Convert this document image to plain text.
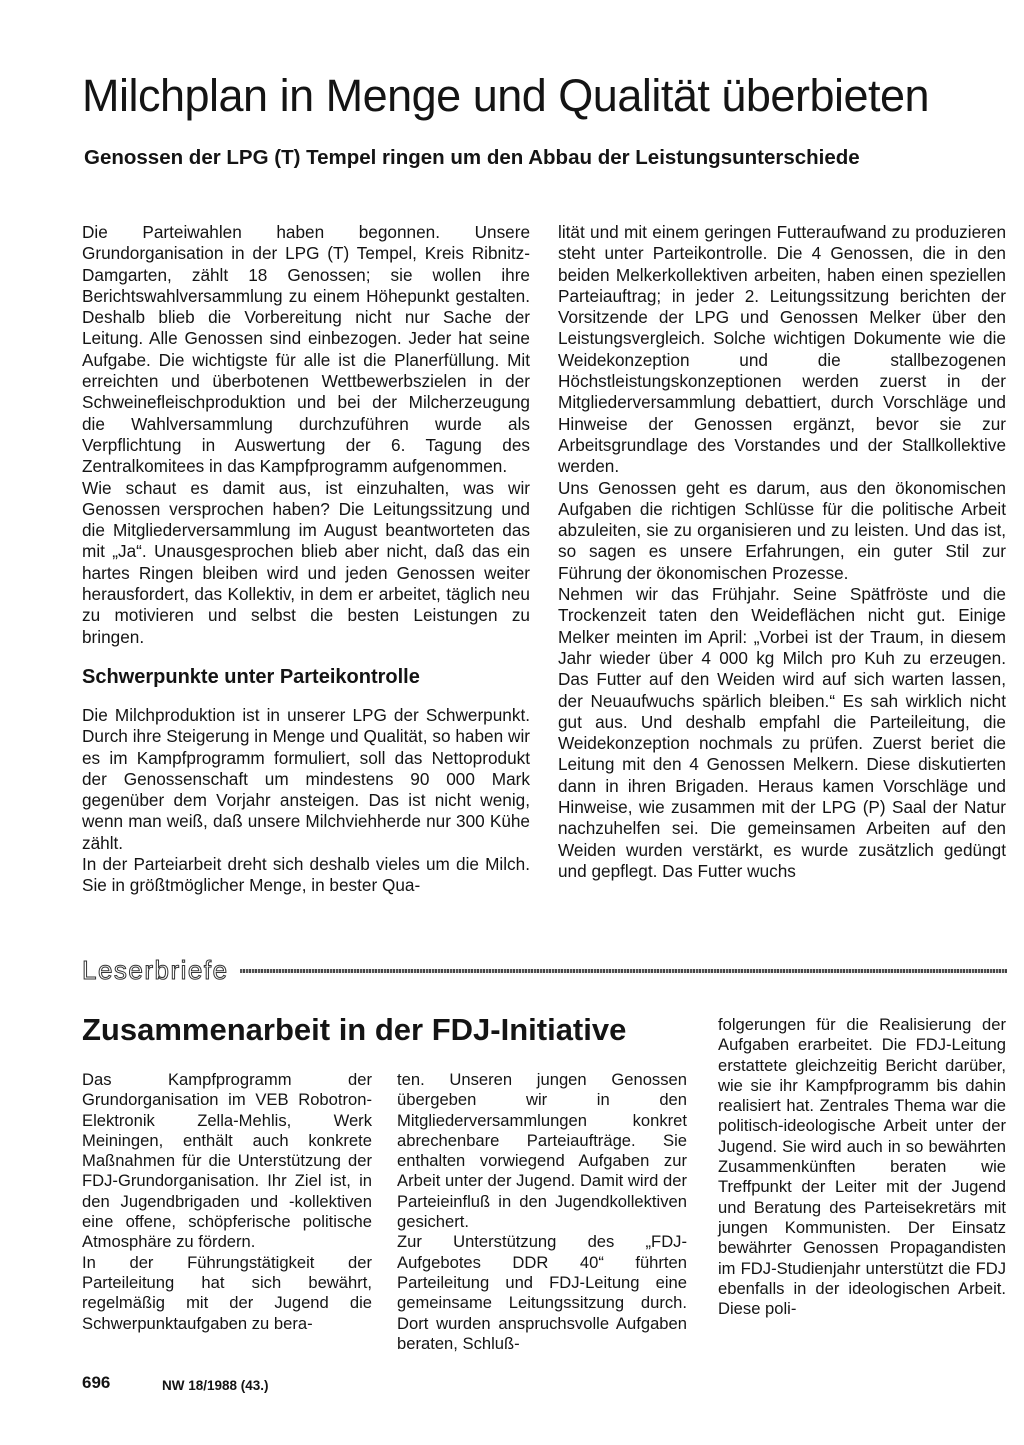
Milchplan in Menge und Qualität überbieten
Genossen der LPG (T) Tempel ringen um den Abbau der Leistungsunterschiede

Die Parteiwahlen haben begonnen. Unsere Grundorganisation in der LPG (T) Tempel, Kreis Ribnitz-Damgarten, zählt 18 Genossen; sie wollen ihre Berichtswahlversammlung zu einem Höhepunkt gestalten. Deshalb blieb die Vorbereitung nicht nur Sache der Leitung. Alle Genossen sind einbezogen. Jeder hat seine Aufgabe. Die wichtigste für alle ist die Planerfüllung. Mit erreichten und überbotenen Wettbewerbszielen in der Schweinefleischproduktion und bei der Milcherzeugung die Wahlversammlung durchzuführen wurde als Verpflichtung in Auswertung der 6. Tagung des Zentralkomitees in das Kampfprogramm aufgenommen.

Wie schaut es damit aus, ist einzuhalten, was wir Genossen versprochen haben? Die Leitungssitzung und die Mitgliederversammlung im August beantworteten das mit „Ja“. Unausgesprochen blieb aber nicht, daß das ein hartes Ringen bleiben wird und jeden Genossen weiter herausfordert, das Kollektiv, in dem er arbeitet, täglich neu zu motivieren und selbst die besten Leistungen zu bringen.

Schwerpunkte unter Parteikontrolle

Die Milchproduktion ist in unserer LPG der Schwerpunkt. Durch ihre Steigerung in Menge und Qualität, so haben wir es im Kampfprogramm formuliert, soll das Nettoprodukt der Genossenschaft um mindestens 90 000 Mark gegenüber dem Vorjahr ansteigen. Das ist nicht wenig, wenn man weiß, daß unsere Milchviehherde nur 300 Kühe zählt.

In der Parteiarbeit dreht sich deshalb vieles um die Milch. Sie in größtmöglicher Menge, in bester Qua-

lität und mit einem geringen Futteraufwand zu produzieren steht unter Parteikontrolle. Die 4 Genossen, die in den beiden Melkerkollektiven arbeiten, haben einen speziellen Parteiauftrag; in jeder 2. Leitungssitzung berichten der Vorsitzende der LPG und Genossen Melker über den Leistungsvergleich. Solche wichtigen Dokumente wie die Weidekonzeption und die stallbezogenen Höchstleistungskonzeptionen werden zuerst in der Mitgliederversammlung debattiert, durch Vorschläge und Hinweise der Genossen ergänzt, bevor sie zur Arbeitsgrundlage des Vorstandes und der Stallkollektive werden.

Uns Genossen geht es darum, aus den ökonomischen Aufgaben die richtigen Schlüsse für die politische Arbeit abzuleiten, sie zu organisieren und zu leisten. Und das ist, so sagen es unsere Erfahrungen, ein guter Stil zur Führung der ökonomischen Prozesse.

Nehmen wir das Frühjahr. Seine Spätfröste und die Trockenzeit taten den Weideflächen nicht gut. Einige Melker meinten im April: „Vorbei ist der Traum, in diesem Jahr wieder über 4 000 kg Milch pro Kuh zu erzeugen. Das Futter auf den Weiden wird auf sich warten lassen, der Neuaufwuchs spärlich bleiben.“ Es sah wirklich nicht gut aus. Und deshalb empfahl die Parteileitung, die Weidekonzeption nochmals zu prüfen. Zuerst beriet die Leitung mit den 4 Genossen Melkern. Diese diskutierten dann in ihren Brigaden. Heraus kamen Vorschläge und Hinweise, wie zusammen mit der LPG (P) Saal der Natur nachzuhelfen sei. Die gemeinsamen Arbeiten auf den Weiden wurden verstärkt, es wurde zusätzlich gedüngt und gepflegt. Das Futter wuchs

Leserbriefe
Zusammenarbeit in der FDJ-Initiative

Das Kampfprogramm der Grundorganisation im VEB Robotron-Elektronik Zella-Mehlis, Werk Meiningen, enthält auch konkrete Maßnahmen für die Unterstützung der FDJ-Grundorganisation. Ihr Ziel ist, in den Jugendbrigaden und -kollektiven eine offene, schöpferische politische Atmosphäre zu fördern.

In der Führungstätigkeit der Parteileitung hat sich bewährt, regelmäßig mit der Jugend die Schwerpunktaufgaben zu bera-

ten. Unseren jungen Genossen übergeben wir in den Mitgliederversammlungen konkret abrechenbare Parteiaufträge. Sie enthalten vorwiegend Aufgaben zur Arbeit unter der Jugend. Damit wird der Parteieinfluß in den Jugendkollektiven gesichert.

Zur Unterstützung des „FDJ-Aufgebotes DDR 40“ führten Parteileitung und FDJ-Leitung eine gemeinsame Leitungssitzung durch. Dort wurden anspruchsvolle Aufgaben beraten, Schluß-

folgerungen für die Realisierung der Aufgaben erarbeitet. Die FDJ-Leitung erstattete gleichzeitig Bericht darüber, wie sie ihr Kampfprogramm bis dahin realisiert hat. Zentrales Thema war die politisch-ideologische Arbeit unter der Jugend. Sie wird auch in so bewährten Zusammenkünften beraten wie Treffpunkt der Leiter mit der Jugend und Beratung des Parteisekretärs mit jungen Kommunisten. Der Einsatz bewährter Genossen Propagandisten im FDJ-Studienjahr unterstützt die FDJ ebenfalls in der ideologischen Arbeit. Diese poli-

696	NW 18/1988 (43.)
